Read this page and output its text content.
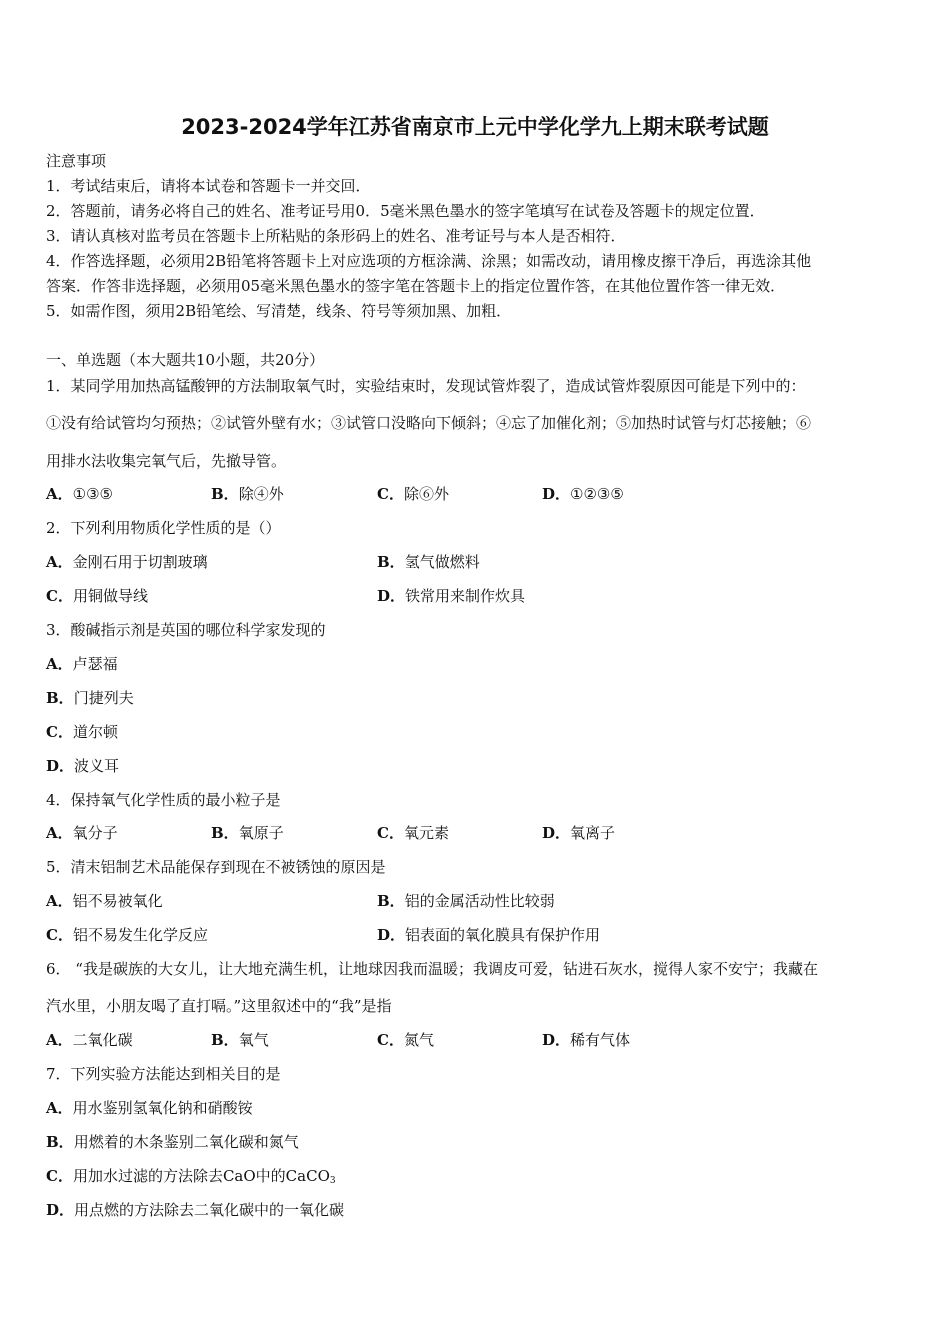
2023-2024学年江苏省南京市上元中学化学九上期末联考试题
注意事项
1．考试结束后，请将本试卷和答题卡一并交回．
2．答题前，请务必将自己的姓名、准考证号用0．5毫米黑色墨水的签字笔填写在试卷及答题卡的规定位置．
3．请认真核对监考员在答题卡上所粘贴的条形码上的姓名、准考证号与本人是否相符．
4．作答选择题，必须用2B铅笔将答题卡上对应选项的方框涂满、涂黑；如需改动，请用橡皮擦干净后，再选涂其他
答案．作答非选择题，必须用05毫米黑色墨水的签字笔在答题卡上的指定位置作答，在其他位置作答一律无效．
5．如需作图，须用2B铅笔绘、写清楚，线条、符号等须加黑、加粗．
一、单选题（本大题共10小题，共20分）
1．某同学用加热高锰酸钾的方法制取氧气时，实验结束时，发现试管炸裂了，造成试管炸裂原因可能是下列中的：
①没有给试管均匀预热；②试管外壁有水；③试管口没略向下倾斜；④忘了加催化剂；⑤加热时试管与灯芯接触；⑥
用排水法收集完氧气后，先撤导管。
A．①③⑤	B．除④外	C．除⑥外	D．①②③⑤
2．下列利用物质化学性质的是（）
A．金刚石用于切割玻璃	B．氢气做燃料
C．用铜做导线	D．铁常用来制作炊具
3．酸碱指示剂是英国的哪位科学家发现的
A．卢瑟福
B．门捷列夫
C．道尔顿
D．波义耳
4．保持氧气化学性质的最小粒子是
A．氧分子	B．氧原子	C．氧元素	D．氧离子
5．清末铝制艺术品能保存到现在不被锈蚀的原因是
A．铝不易被氧化	B．铝的金属活动性比较弱
C．铝不易发生化学反应	D．铝表面的氧化膜具有保护作用
6． “我是碳族的大女儿，让大地充满生机，让地球因我而温暖；我调皮可爱，钻进石灰水，搅得人家不安宁；我藏在
汽水里，小朋友喝了直打嗝。”这里叙述中的“我”是指
A．二氧化碳	B．氧气	C．氮气	D．稀有气体
7．下列实验方法能达到相关目的是
A．用水鉴别氢氧化钠和硝酸铵
B．用燃着的木条鉴别二氧化碳和氮气
C．用加水过滤的方法除去CaO中的CaCO$_3$
D．用点燃的方法除去二氧化碳中的一氧化碳
